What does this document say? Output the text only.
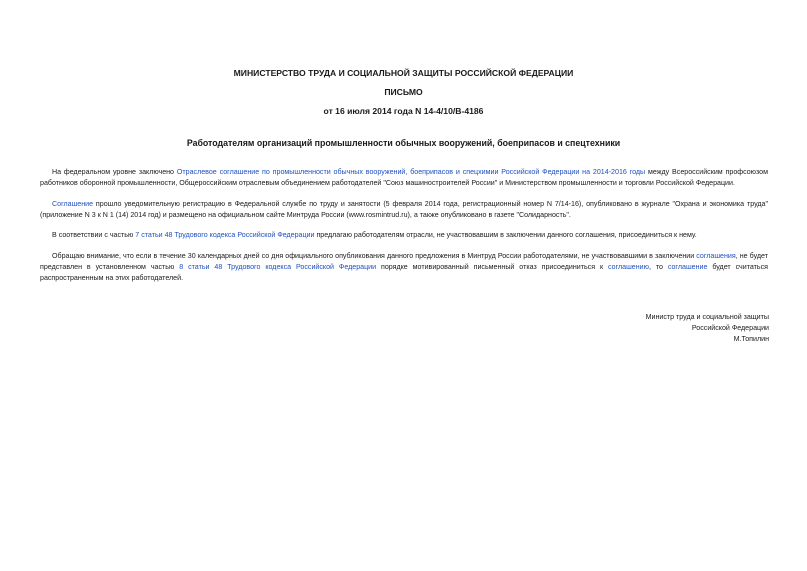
МИНИСТЕРСТВО ТРУДА И СОЦИАЛЬНОЙ ЗАЩИТЫ РОССИЙСКОЙ ФЕДЕРАЦИИ
ПИСЬМО
от 16 июля 2014 года N 14-4/10/В-4186
Работодателям организаций промышленности обычных вооружений, боеприпасов и спецтехники

На федеральном уровне заключено Отраслевое соглашение по промышленности обычных вооружений, боеприпасов и спецхимии Российской Федерации на 2014-2016 годы между Всероссийским профсоюзом работников оборонной промышленности, Общероссийским отраслевым объединением работодателей "Союз машиностроителей России" и Министерством промышленности и торговли Российской Федерации.

Соглашение прошло уведомительную регистрацию в Федеральной службе по труду и занятости (5 февраля 2014 года, регистрационный номер N 7/14-16), опубликовано в журнале "Охрана и экономика труда" (приложение N 3 к N 1 (14) 2014 год) и размещено на официальном сайте Минтруда России (www.rosmintrud.ru), а также опубликовано в газете "Солидарность".

В соответствии с частью 7 статьи 48 Трудового кодекса Российской Федерации предлагаю работодателям отрасли, не участвовавшим в заключении данного соглашения, присоединиться к нему.

Обращаю внимание, что если в течение 30 календарных дней со дня официального опубликования данного предложения в Минтруд России работодателями, не участвовавшими в заключении соглашения, не будет представлен в установленном частью 8 статьи 48 Трудового кодекса Российской Федерации порядке мотивированный письменный отказ присоединиться к соглашению, то соглашение будет считаться распространенным на этих работодателей.

Министр труда и социальной защиты
Российской Федерации
М.Топилин
